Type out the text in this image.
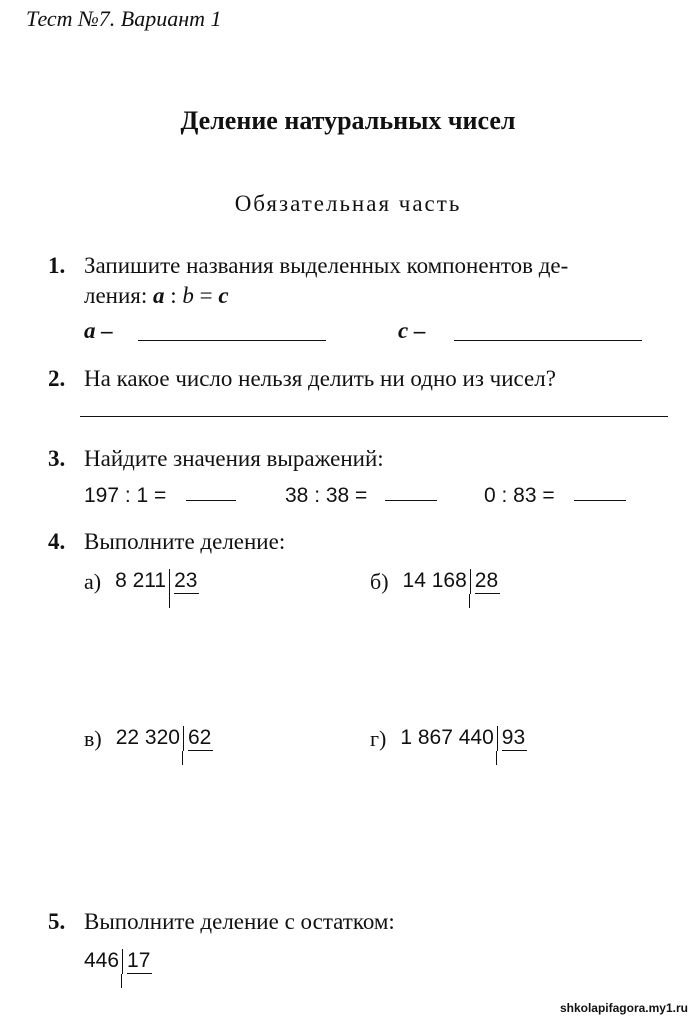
Тест №7. Вариант 1
Деление натуральных чисел
Обязательная часть
1. Запишите названия выделенных компонентов де-
ления: a : b = c
a –	c –
2. На какое число нельзя делить ни одно из чисел?
3. Найдите значения выражений:
197 : 1 =	38 : 38 =	0 : 83 =
4. Выполните деление:
а) 8 211 23	б) 14 168 28
в) 22 320 62	г) 1 867 440 93
5. Выполните деление с остатком:
446 17
shkolapifagora.my1.ru
